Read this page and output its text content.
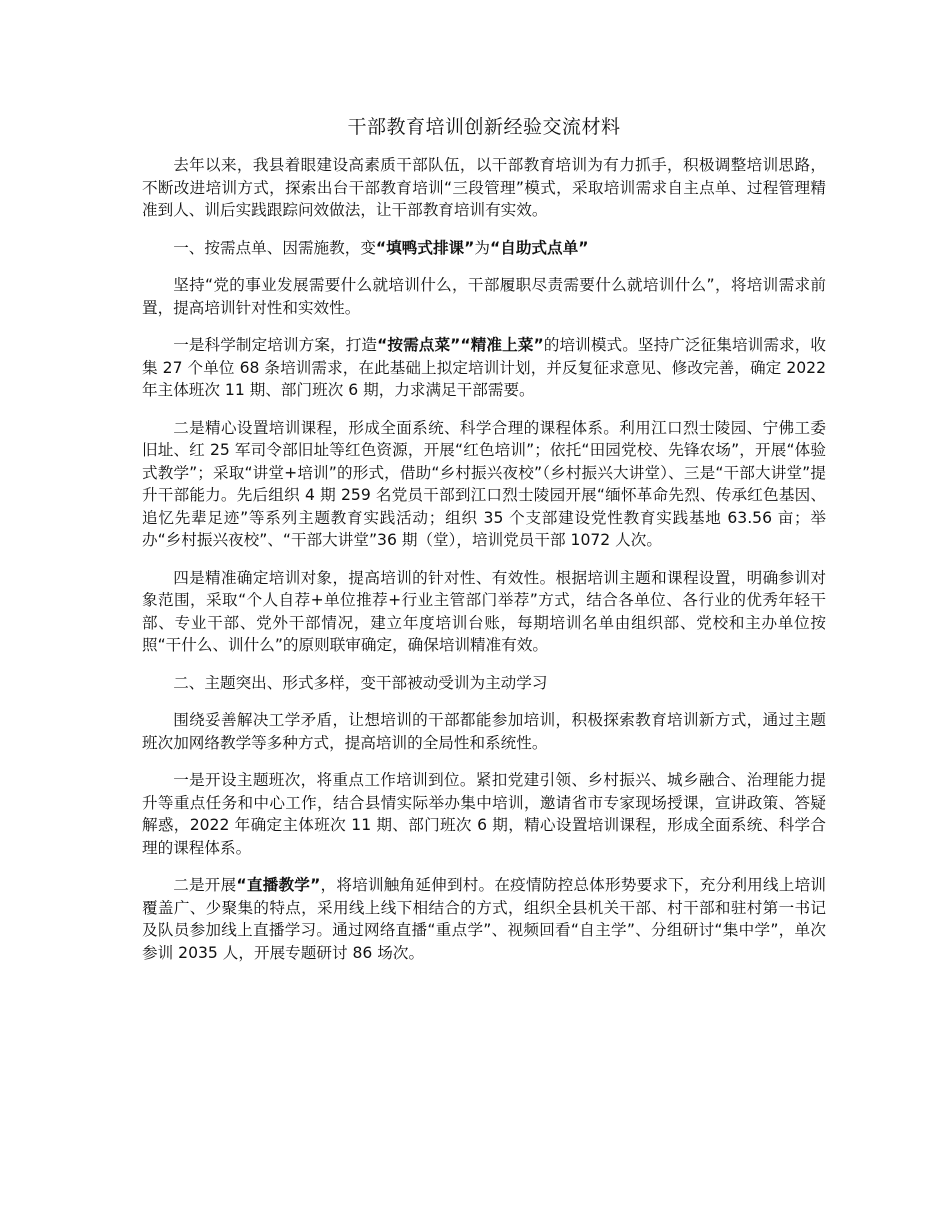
干部教育培训创新经验交流材料

去年以来，我县着眼建设高素质干部队伍，以干部教育培训为有力抓手，积极调整培训思路，不断改进培训方式，探索出台干部教育培训“三段管理”模式，采取培训需求自主点单、过程管理精准到人、训后实践跟踪问效做法，让干部教育培训有实效。

一、按需点单、因需施教，变“填鸭式排课”为“自助式点单”

坚持“党的事业发展需要什么就培训什么，干部履职尽责需要什么就培训什么”，将培训需求前置，提高培训针对性和实效性。

一是科学制定培训方案，打造“按需点菜”“精准上菜”的培训模式。坚持广泛征集培训需求，收集 27 个单位 68 条培训需求，在此基础上拟定培训计划，并反复征求意见、修改完善，确定 2022 年主体班次 11 期、部门班次 6 期，力求满足干部需要。

二是精心设置培训课程，形成全面系统、科学合理的课程体系。利用江口烈士陵园、宁佛工委旧址、红 25 军司令部旧址等红色资源，开展“红色培训”；依托“田园党校、先锋农场”，开展“体验式教学”；采取“讲堂+培训”的形式，借助“乡村振兴夜校”（乡村振兴大讲堂）、三是“干部大讲堂”提升干部能力。先后组织 4 期 259 名党员干部到江口烈士陵园开展“缅怀革命先烈、传承红色基因、追忆先辈足迹”等系列主题教育实践活动；组织 35 个支部建设党性教育实践基地 63.56 亩；举办“乡村振兴夜校”、“干部大讲堂”36 期（堂），培训党员干部 1072 人次。

四是精准确定培训对象，提高培训的针对性、有效性。根据培训主题和课程设置，明确参训对象范围，采取“个人自荐+单位推荐+行业主管部门举荐”方式，结合各单位、各行业的优秀年轻干部、专业干部、党外干部情况，建立年度培训台账，每期培训名单由组织部、党校和主办单位按照“干什么、训什么”的原则联审确定，确保培训精准有效。

二、主题突出、形式多样，变干部被动受训为主动学习

围绕妥善解决工学矛盾，让想培训的干部都能参加培训，积极探索教育培训新方式，通过主题班次加网络教学等多种方式，提高培训的全局性和系统性。

一是开设主题班次，将重点工作培训到位。紧扣党建引领、乡村振兴、城乡融合、治理能力提升等重点任务和中心工作，结合县情实际举办集中培训，邀请省市专家现场授课，宣讲政策、答疑解惑，2022 年确定主体班次 11 期、部门班次 6 期，精心设置培训课程，形成全面系统、科学合理的课程体系。

二是开展“直播教学”，将培训触角延伸到村。在疫情防控总体形势要求下，充分利用线上培训覆盖广、少聚集的特点，采用线上线下相结合的方式，组织全县机关干部、村干部和驻村第一书记及队员参加线上直播学习。通过网络直播“重点学”、视频回看“自主学”、分组研讨“集中学”，单次参训 2035 人，开展专题研讨 86 场次。
